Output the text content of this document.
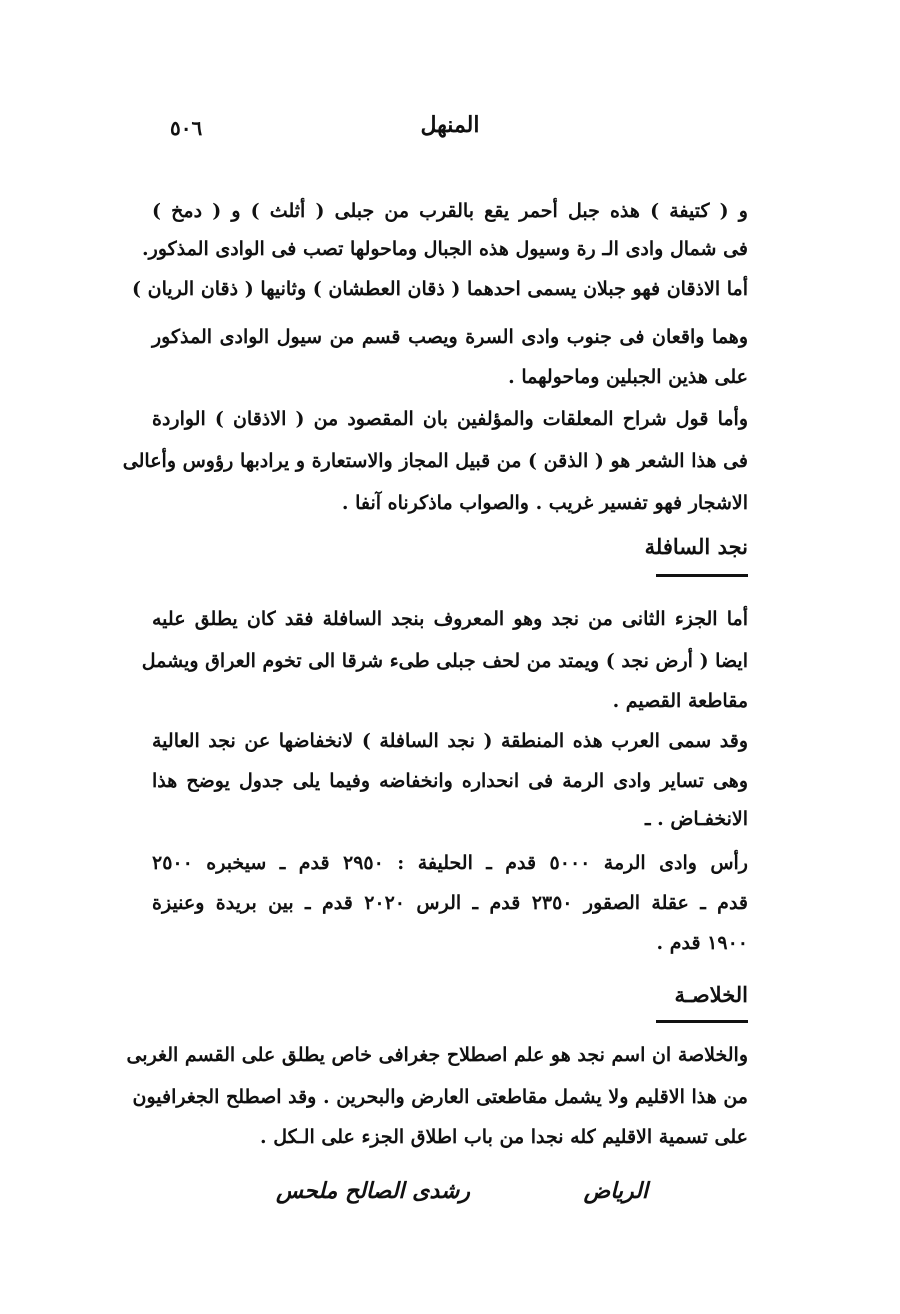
المنهل
٥٠٦
و ( كتيفة ) هذه جبل أحمر يقع بالقرب من جبلى ( أثلث ) و ( دمخ )
فى شمال وادى الـ رة وسيول هذه الجبال وماحولها تصب فى الوادى المذكور.
أما الاذقان فهو جبلان يسمى احدهما ( ذقان العطشان ) وثانيها ( ذقان الريان )
وهما واقعان فى جنوب وادى السرة ويصب قسم من سيول الوادى المذكور
على هذين الجبلين وماحولهما .
وأما قول شراح المعلقات والمؤلفين بان المقصود من ( الاذقان ) الواردة
فى هذا الشعر هو ( الذقن ) من قبيل المجاز والاستعارة و يرادبها رؤوس وأعالى
الاشجار فهو تفسير غريب . والصواب ماذكرناه آنفا .
نجد السافلة
أما الجزء الثانى من نجد وهو المعروف بنجد السافلة فقد كان يطلق عليه
ايضا ( أرض نجد ) ويمتد من لحف جبلى طىء شرقا الى تخوم العراق ويشمل
مقاطعة القصيم .
وقد سمى العرب هذه المنطقة ( نجد السافلة ) لانخفاضها عن نجد العالية
وهى تساير وادى الرمة فى انحداره وانخفاضه وفيما يلى جدول يوضح هذا
الانخفـاض . ـ
رأس وادى الرمة ٥٠٠٠ قدم ـ الحليفة : ٢٩٥٠ قدم ـ سيخبره ٢٥٠٠
قدم ـ عقلة الصقور ٢٣٥٠ قدم ـ الرس ٢٠٢٠ قدم ـ بين بريدة وعنيزة
١٩٠٠ قدم .
الخلاصـة
والخلاصة ان اسم نجد هو علم اصطلاح جغرافى خاص يطلق على القسم الغربى
من هذا الاقليم ولا يشمل مقاطعتى العارض والبحرين . وقد اصطلح الجغرافيون
على تسمية الاقليم كله نجدا من باب اطلاق الجزء على الـكل .
رشدى الصالح ملحس	الرياض
